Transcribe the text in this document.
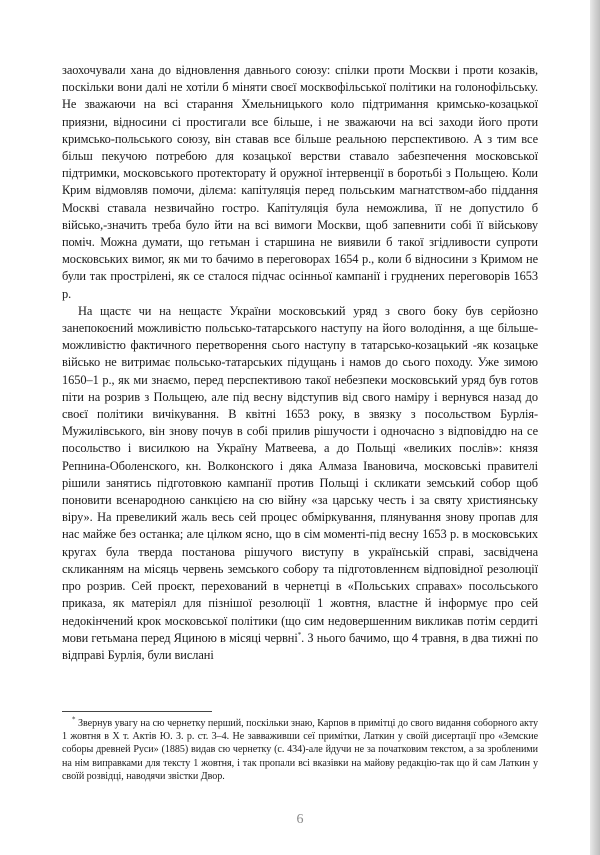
заохочували хана до відновлення давнього союзу: спілки проти Москви і проти козаків, поскільки вони далі не хотіли б міняти своєї москвофільської політики на голонофільську. Не зважаючи на всі старання Хмельницького коло підтримання кримсько-козацької приязни, відносини сі простигали все більше, і не зважаючи на всі заходи його проти кримсько-польського союзу, він ставав все більше реальною перспективою. А з тим все більш пекучою потребою для козацької верстви ставало забезпечення московської підтримки, московського протекторату й оружної інтервенції в боротьбі з Польщею. Коли Крим відмовляв помочи, ділєма: капітуляція перед польським магнатством-або піддання Москві ставала незвичайно гостро. Капітуляція була неможлива, її не допустило б військо,-значить треба було йти на всі вимоги Москви, щоб запевнити собі її військову поміч. Можна думати, що гетьман і старшина не виявили б такої згідливости супроти московських вимог, як ми то бачимо в переговорах 1654 р., коли б відносини з Кримом не були так прострілені, як се сталося підчас осінньої кампанії і груднених переговорів 1653 р.

На щастє чи на нещастє України московський уряд з свого боку був серйозно занепокоєний можливістю польсько-татарського наступу на його володіння, а ще більше-можливістю фактичного перетворення сього наступу в татарсько-козацький -як козацьке військо не витримає польсько-татарських підущань і намов до сього походу. Уже зимою 1650–1 р., як ми знаємо, перед перспективою такої небезпеки московський уряд був готов піти на розрив з Польщею, але під весну відступив від свого наміру і вернувся назад до своєї політики вичікування. В квітні 1653 року, в звязку з посольством Бурлія-Мужилівського, він знову почув в собі прилив рішучости і одночасно з відповіддю на се посольство і висилкою на Україну Матвеева, а до Польщі «великих послів»: князя Репнина-Оболенского, кн. Волконского і дяка Алмаза Івановича, московські правителі рішили занятись підготовкою кампанії против Польщі і скликати земський собор щоб поновити всенародною санкцією на сю війну «за царську честь і за святу християнську віру». На превеликий жаль весь сей процес обміркування, плянування знову пропав для нас майже без останка; але цілком ясно, що в сім моменті-під весну 1653 р. в московських кругах була тверда постанова рішучого виступу в українській справі, засвідчена скликанням на місяць червень земського собору та підготовленнєм відповідної резолюції про розрив. Сей проєкт, перехований в чернетці в «Польських справах» посольського приказа, як матеріял для пізнішої резолюції 1 жовтня, властне й інформує про сей недокінчений крок московської політики (що сим недовершенним викликав потім сердиті мови гетьмана перед Яциною в місяці червні*. З нього бачимо, що 4 травня, в два тижні по відправі Бурлія, були вислані

* Звернув увагу на сю чернетку перший, поскільки знаю, Карпов в примітці до свого видання соборного акту 1 жовтня в Х т. Актів Ю. З. р. ст. 3–4. Не завваживши сеї примітки, Латкин у своїй дисертації про «Земские соборы древней Руси» (1885) видав сю чернетку (с. 434)-але йдучи не за початковим текстом, а за зробленими на нім виправками для тексту 1 жовтня, і так пропали всі вказівки на майову редакцію-так що й сам Латкин у своїй розвідці, наводячи звістки Двор.
6
